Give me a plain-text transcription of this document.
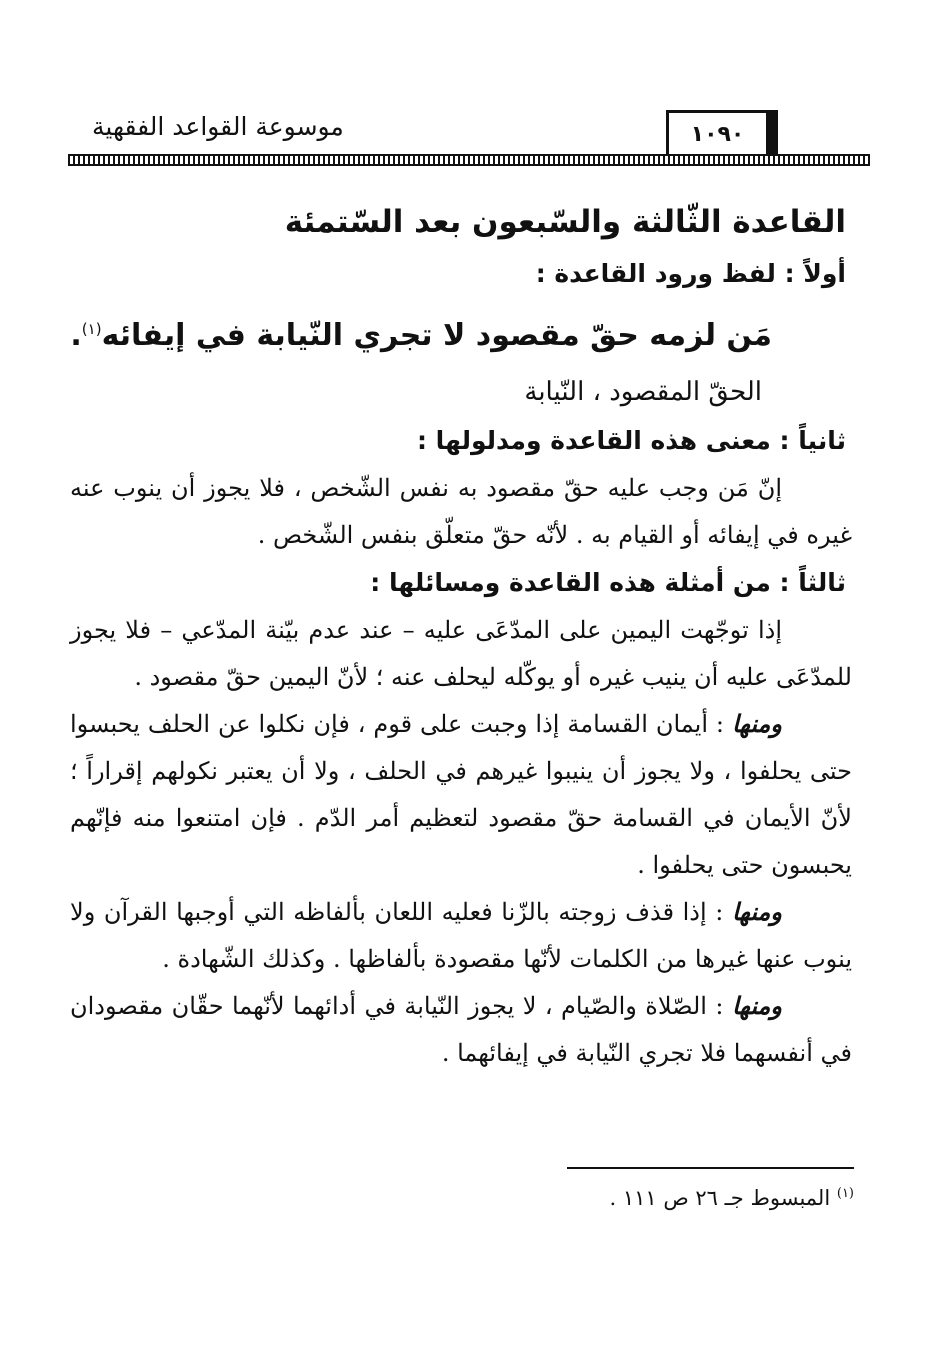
موسوعة القواعد الفقهية	١٠٩٠
القاعدة الثّالثة والسّبعون بعد السّتمئة
أولاً : لفظ ورود القاعدة :
مَن لزمه حقّ مقصود لا تجري النّيابة في إيفائه$^{(١)}$.
الحقّ المقصود ، النّيابة
ثانياً : معنى هذه القاعدة ومدلولها :

إنّ مَن وجب عليه حقّ مقصود به نفس الشّخص ، فلا يجوز أن ينوب عنه غيره في إيفائه أو القيام به . لأنّه حقّ متعلّق بنفس الشّخص .

ثالثاً : من أمثلة هذه القاعدة ومسائلها :

إذا توجّهت اليمين على المدّعَى عليه – عند عدم بيّنة المدّعي – فلا يجوز للمدّعَى عليه أن ينيب غيره أو يوكّله ليحلف عنه ؛ لأنّ اليمين حقّ مقصود .

ومنها : أيمان القسامة إذا وجبت على قوم ، فإن نكلوا عن الحلف يحبسوا حتى يحلفوا ، ولا يجوز أن ينيبوا غيرهم في الحلف ، ولا أن يعتبر نكولهم إقراراً ؛ لأنّ الأيمان في القسامة حقّ مقصود لتعظيم أمر الدّم . فإن امتنعوا منه فإنّهم يحبسون حتى يحلفوا .

ومنها : إذا قذف زوجته بالزّنا فعليه اللعان بألفاظه التي أوجبها القرآن ولا ينوب عنها غيرها من الكلمات لأنّها مقصودة بألفاظها . وكذلك الشّهادة .

ومنها : الصّلاة والصّيام ، لا يجوز النّيابة في أدائهما لأنّهما حقّان مقصودان في أنفسهما فلا تجري النّيابة في إيفائهما .

$^{(١)}$ المبسوط جـ ٢٦ ص ١١١ .
